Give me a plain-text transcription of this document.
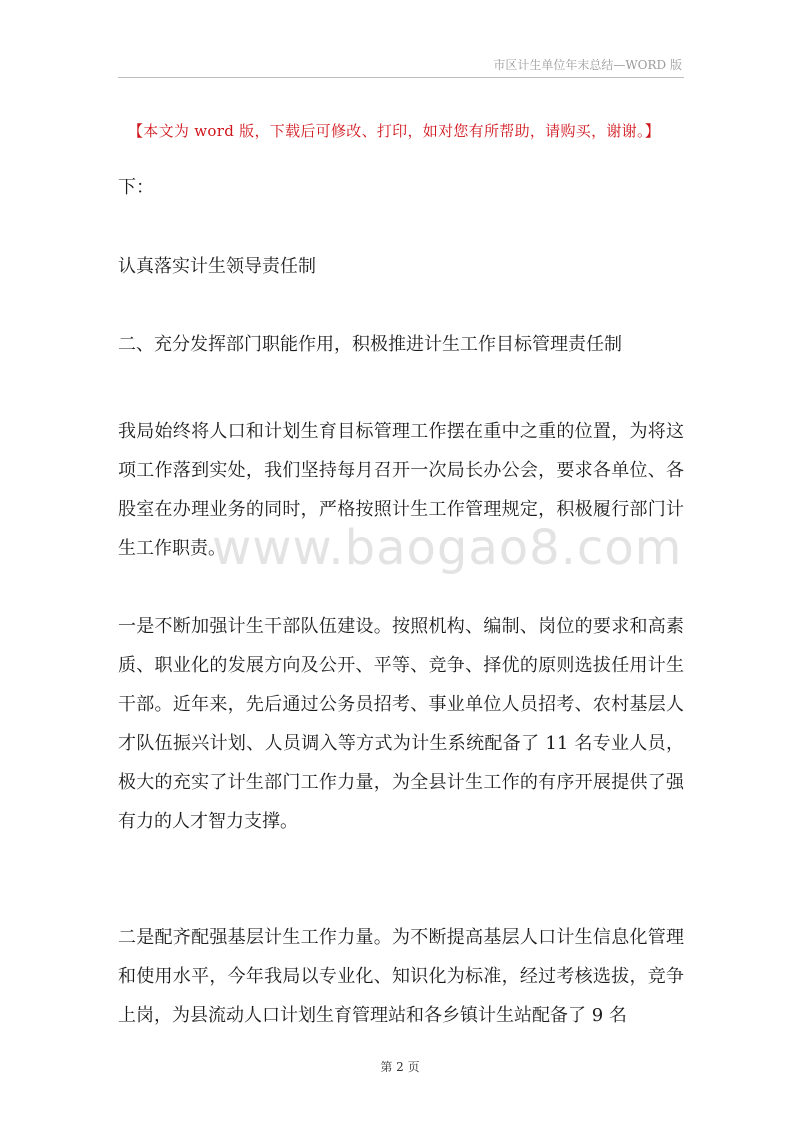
市区计生单位年末总结—WORD 版
【本文为 word 版，下载后可修改、打印，如对您有所帮助，请购买，谢谢。】

下：

认真落实计生领导责任制

二、充分发挥部门职能作用，积极推进计生工作目标管理责任制

我局始终将人口和计划生育目标管理工作摆在重中之重的位置，为将这项工作落到实处，我们坚持每月召开一次局长办公会，要求各单位、各股室在办理业务的同时，严格按照计生工作管理规定，积极履行部门计生工作职责。

一是不断加强计生干部队伍建设。按照机构、编制、岗位的要求和高素质、职业化的发展方向及公开、平等、竞争、择优的原则选拔任用计生干部。近年来，先后通过公务员招考、事业单位人员招考、农村基层人才队伍振兴计划、人员调入等方式为计生系统配备了 11 名专业人员，极大的充实了计生部门工作力量，为全县计生工作的有序开展提供了强有力的人才智力支撑。

二是配齐配强基层计生工作力量。为不断提高基层人口计生信息化管理和使用水平，今年我局以专业化、知识化为标准，经过考核选拔，竞争上岗，为县流动人口计划生育管理站和各乡镇计生站配备了 9 名

www.baogao8.com
第 2 页
